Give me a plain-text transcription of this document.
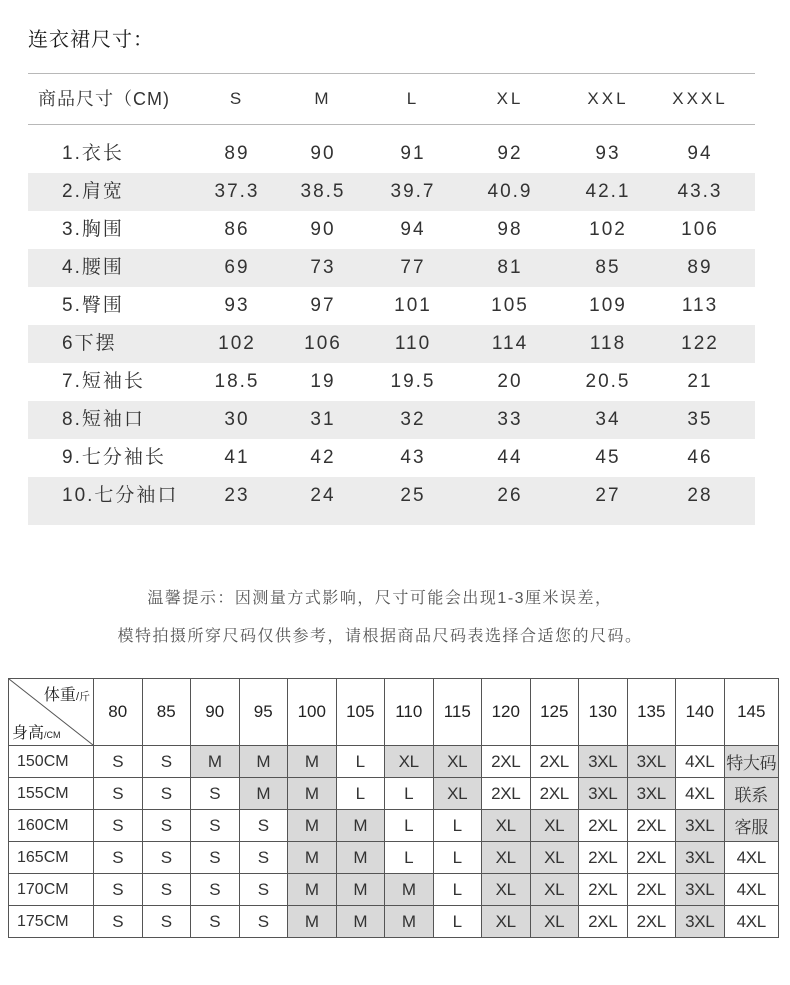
连衣裙尺寸：
商品尺寸（CM)	S	M	L	XL	XXL	XXXL
1.衣长	89	90	91	92	93	94
2.肩宽	37.3	38.5	39.7	40.9	42.1	43.3
3.胸围	86	90	94	98	102	106
4.腰围	69	73	77	81	85	89
5.臀围	93	97	101	105	109	113
6下摆	102	106	110	114	118	122
7.短袖长	18.5	19	19.5	20	20.5	21
8.短袖口	30	31	32	33	34	35
9.七分袖长	41	42	43	44	45	46
10.七分袖口	23	24	25	26	27	28
温馨提示：因测量方式影响，尺寸可能会出现1-3厘米误差，
模特拍摄所穿尺码仅供参考，请根据商品尺码表选择合适您的尺码。
体重/斤
身高/CM	80	85	90	95	100	105	110	115	120	125	130	135	140	145
150CM	S	S	M	M	M	L	XL	XL	2XL	2XL	3XL	3XL	4XL	特大码
155CM	S	S	S	M	M	L	L	XL	2XL	2XL	3XL	3XL	4XL	联系
160CM	S	S	S	S	M	M	L	L	XL	XL	2XL	2XL	3XL	客服
165CM	S	S	S	S	M	M	L	L	XL	XL	2XL	2XL	3XL	4XL
170CM	S	S	S	S	M	M	M	L	XL	XL	2XL	2XL	3XL	4XL
175CM	S	S	S	S	M	M	M	L	XL	XL	2XL	2XL	3XL	4XL
